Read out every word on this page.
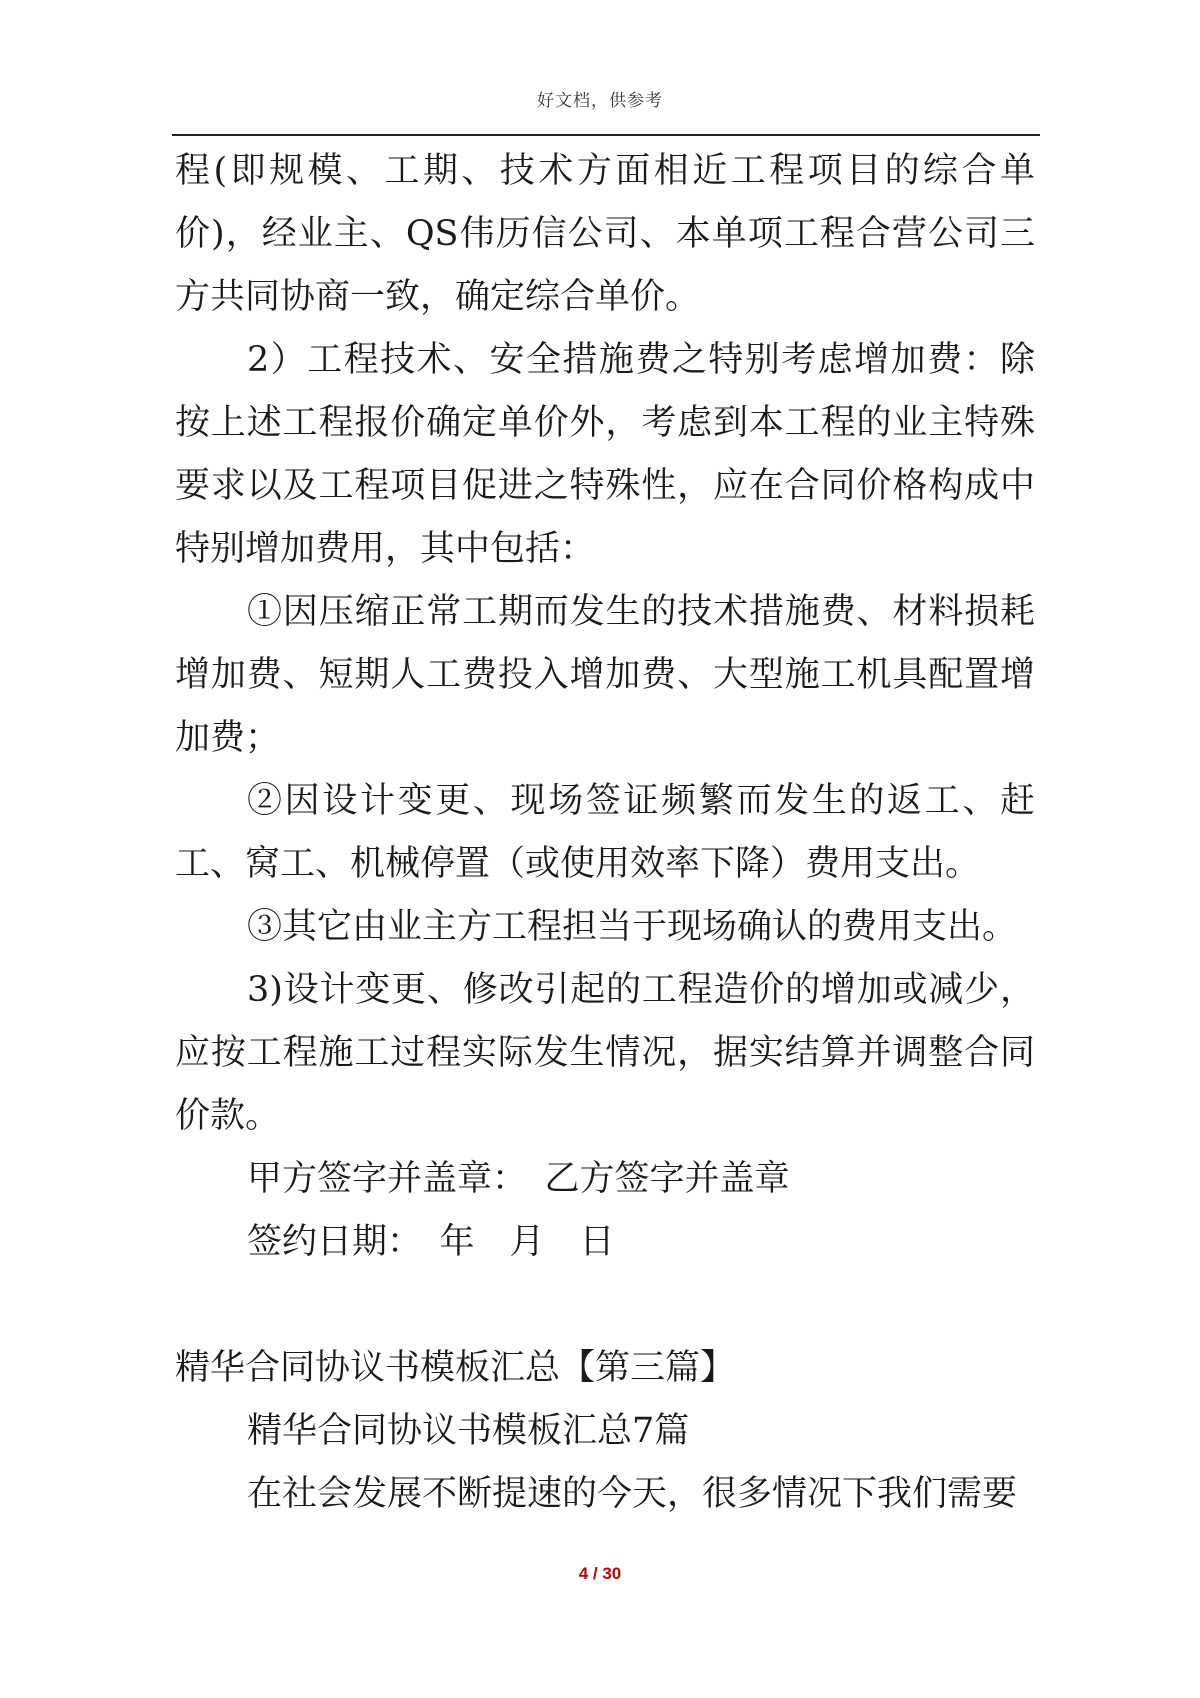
好文档，供参考

程(即规模、工期、技术方面相近工程项目的综合单价)，经业主、QS伟历信公司、本单项工程合营公司三方共同协商一致，确定综合单价。

2）工程技术、安全措施费之特别考虑增加费：除按上述工程报价确定单价外，考虑到本工程的业主特殊要求以及工程项目促进之特殊性，应在合同价格构成中特别增加费用，其中包括：

①因压缩正常工期而发生的技术措施费、材料损耗增加费、短期人工费投入增加费、大型施工机具配置增加费；

②因设计变更、现场签证频繁而发生的返工、赶工、窝工、机械停置（或使用效率下降）费用支出。

③其它由业主方工程担当于现场确认的费用支出。

3)设计变更、修改引起的工程造价的增加或减少，应按工程施工过程实际发生情况，据实结算并调整合同价款。

甲方签字并盖章：　乙方签字并盖章

签约日期：　年　月　日

精华合同协议书模板汇总【第三篇】

精华合同协议书模板汇总7篇

在社会发展不断提速的今天，很多情况下我们需要

4 / 30
